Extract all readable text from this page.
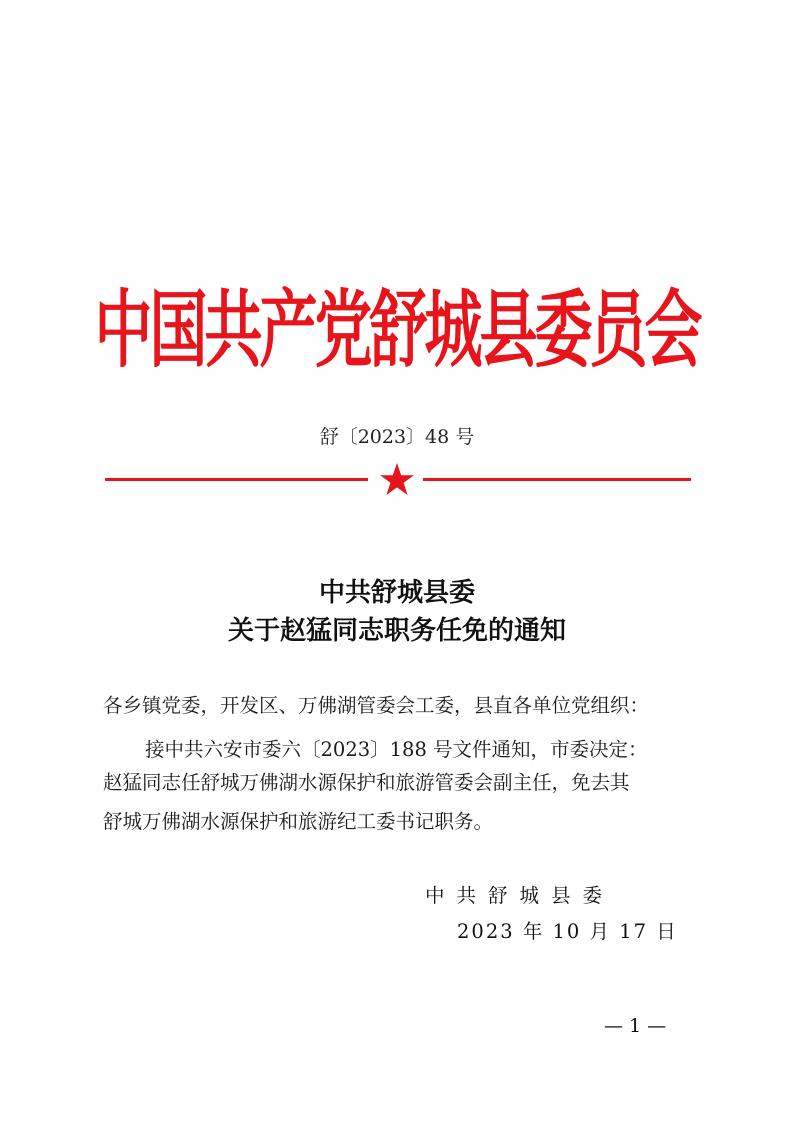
中国共产党舒城县委员会
舒〔2023〕48 号
中共舒城县委
关于赵猛同志职务任免的通知
各乡镇党委，开发区、万佛湖管委会工委，县直各单位党组织：
接中共六安市委六〔2023〕188 号文件通知，市委决定：
赵猛同志任舒城万佛湖水源保护和旅游管委会副主任，免去其
舒城万佛湖水源保护和旅游纪工委书记职务。
中共舒城县委
2023 年 10 月 17 日
— 1 —
